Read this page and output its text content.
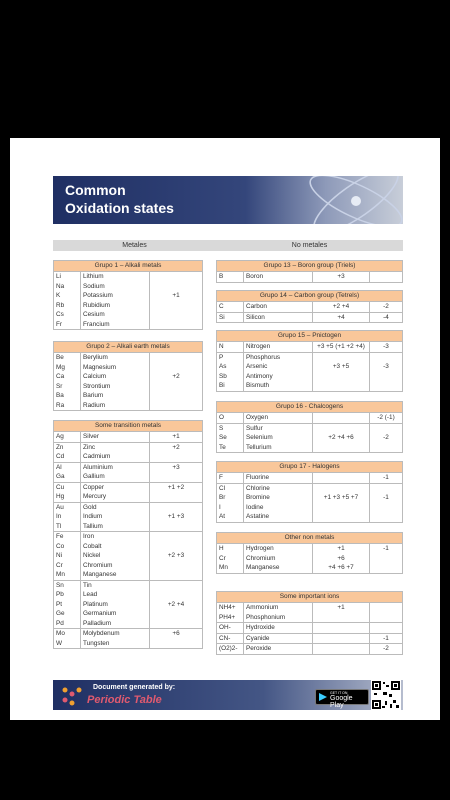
Common
Oxidation states
Metales	No metales
Document generated by:
Periodic Table
GET IT ON
Google Play
Grupo 1 – Alkali metals
Li	Lithium	
Na	Sodium	
K	Potassium	+1
Rb	Rubidium	
Cs	Cesium	
Fr	Francium	
Grupo 2 – Alkali earth metals
Be	Berylium	
Mg	Magnesium	
Ca	Calcium	+2
Sr	Strontium	
Ba	Barium	
Ra	Radium	
Some transition metals
Ag	Silver	+1
Zn	Zinc	+2
Cd	Cadmium	
Al	Aluminium	+3
Ga	Gallium	
Cu	Copper	+1 +2
Hg	Mercury	
Au	Gold	
In	Indium	+1 +3
Tl	Tallium	
Fe	Iron	
Co	Cobalt	
Ni	Nickel	+2 +3
Cr	Chromium	
Mn	Manganese	
Sn	Tin	
Pb	Lead	
Pt	Platinum	+2 +4
Ge	Germanium	
Pd	Palladium	
Mo	Molybdenum	+6
W	Tungsten	
Grupo 13 – Boron group (Triels)
B	Boron	+3	
Grupo 14 – Carbon group (Tetrels)
C	Carbon	+2 +4	-2
Si	Silicon	+4	-4
Grupo 15 – Pnictogen
N	Nitrogen	+3 +5 (+1 +2 +4)	-3
P	Phosphorus		
As	Arsenic	+3 +5	-3
Sb	Antimony		
Bi	Bismuth		
Grupo 16 - Chalcogens
O	Oxygen		-2 (-1)
S	Sulfur		
Se	Selenium	+2 +4 +6	-2
Te	Tellurium		
Grupo 17 - Halogens
F	Fluorine		-1
Cl	Chlorine		
Br	Bromine	+1 +3 +5 +7	-1
I	Iodine		
At	Astatine		
Other non metals
H	Hydrogen	+1	-1
Cr	Chromium	+6	
Mn	Manganese	+4 +6 +7	
Some important ions
NH4+	Ammonium	+1	
PH4+	Phosphonium		
OH-	Hydroxide		
CN-	Cyanide		-1
(O2)2-	Peroxide		-2
